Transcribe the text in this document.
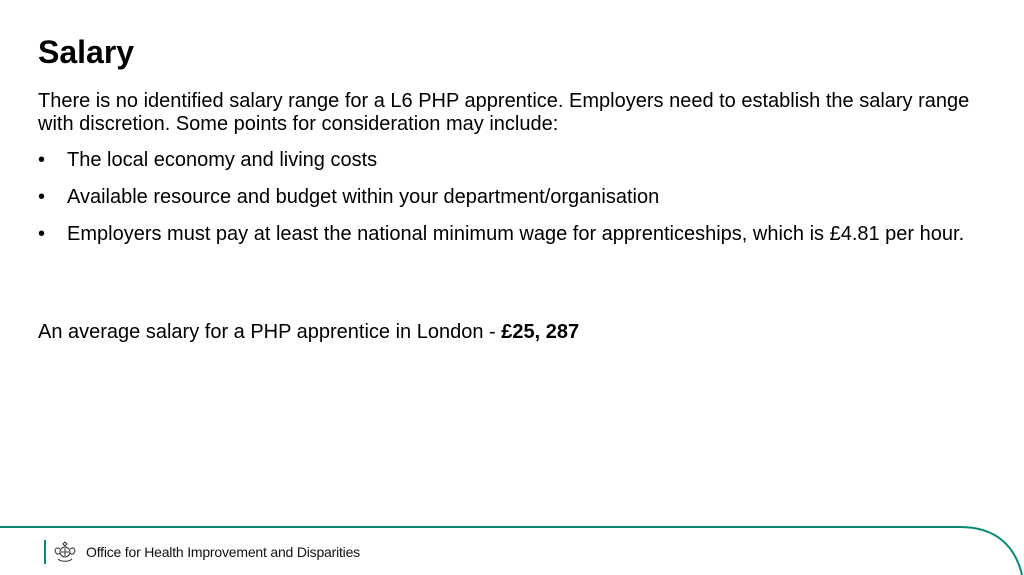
Salary

There is no identified salary range for a L6 PHP apprentice. Employers need to establish the salary range with discretion. Some points for consideration may include:

• The local economy and living costs
• Available resource and budget within your department/organisation
• Employers must pay at least the national minimum wage for apprenticeships, which is £4.81 per hour.

An average salary for a PHP apprentice in London - £25, 287

Office for Health Improvement and Disparities
